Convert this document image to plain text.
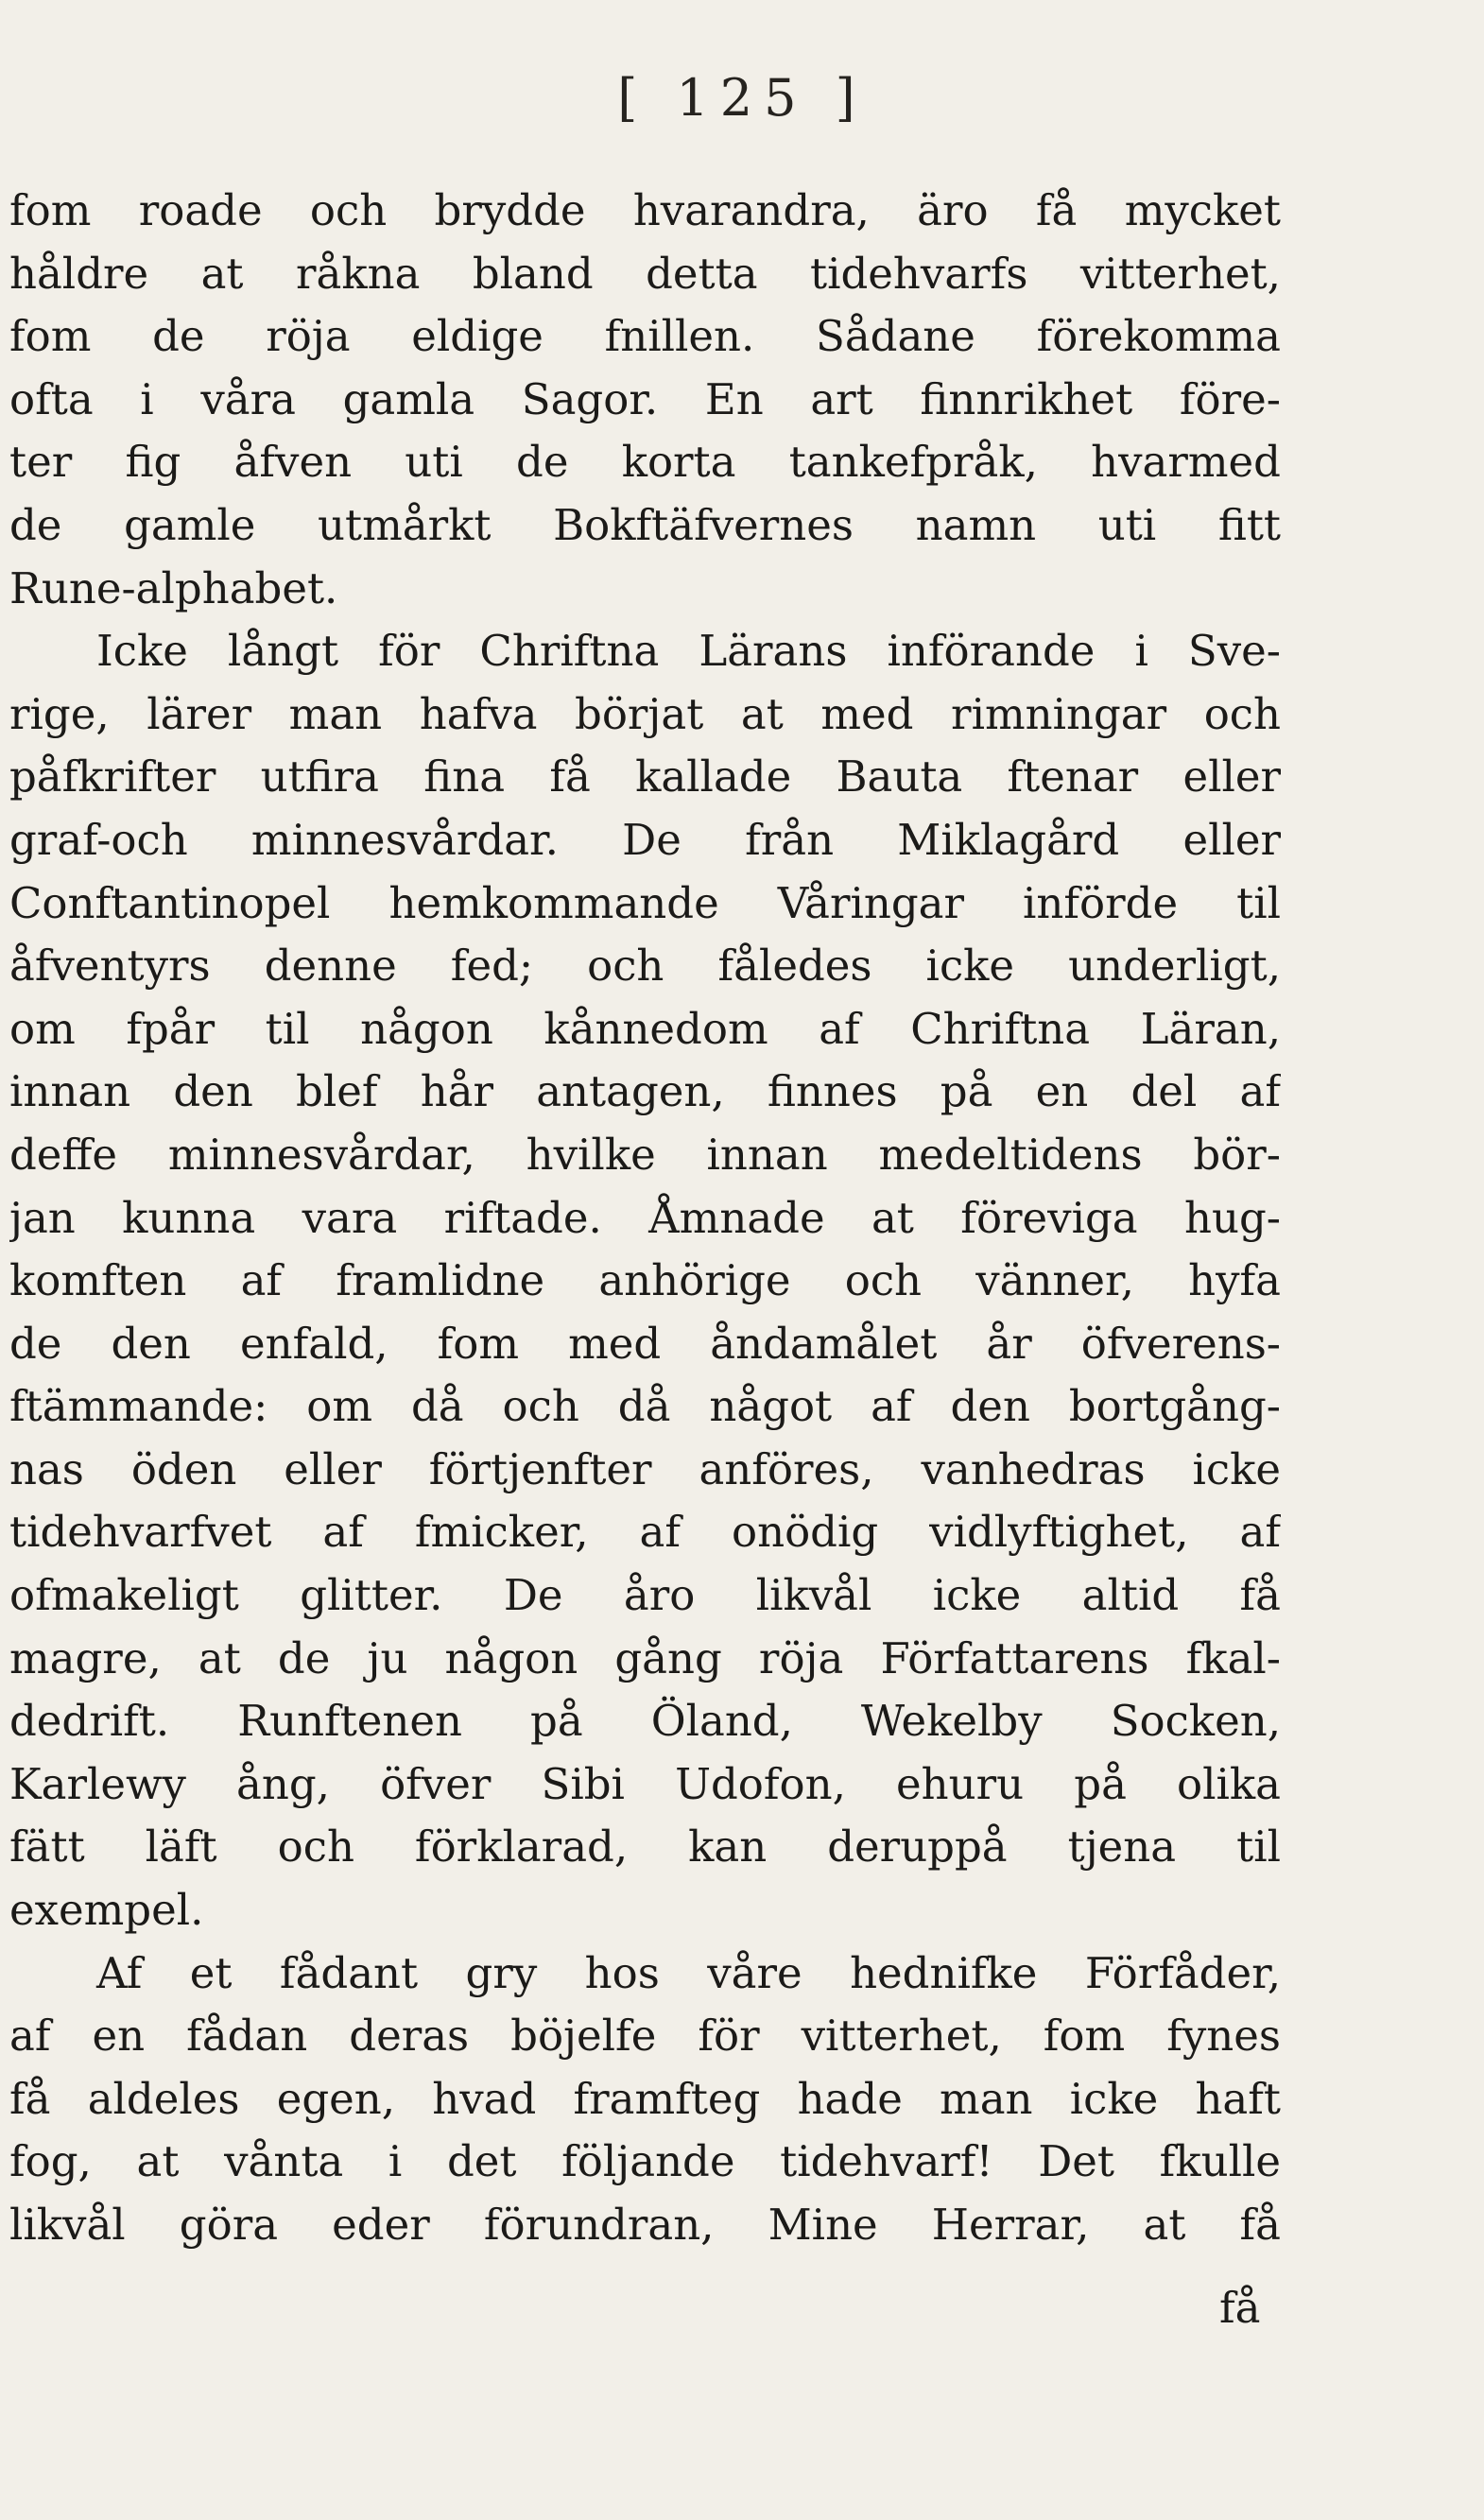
[ 125 ]
fom roade och brydde hvarandra, äro få mycket
håldre at råkna bland detta tidehvarfs vitterhet,
fom de röja eldige fnillen. Sådane förekomma
ofta i våra gamla Sagor. En art finnrikhet före-
ter fig åfven uti de korta tankefpråk, hvarmed
de gamle utmårkt Bokftäfvernes namn uti fitt
Rune-alphabet.
Icke långt för Chriftna Lärans införande i Sve-
rige, lärer man hafva börjat at med rimningar och
påfkrifter utfira fina få kallade Bauta ftenar eller
graf-och minnesvårdar. De från Miklagård eller
Conftantinopel hemkommande Våringar införde til
åfventyrs denne fed; och fåledes icke underligt,
om fpår til någon kånnedom af Chriftna Läran,
innan den blef hår antagen, finnes på en del af
deffe minnesvårdar, hvilke innan medeltidens bör-
jan kunna vara riftade. Åmnade at föreviga hug-
komften af framlidne anhörige och vänner, hyfa
de den enfald, fom med åndamålet år öfverens-
ftämmande: om då och då något af den bortgång-
nas öden eller förtjenfter anföres, vanhedras icke
tidehvarfvet af fmicker, af onödig vidlyftighet, af
ofmakeligt glitter. De åro likvål icke altid få
magre, at de ju någon gång röja Författarens fkal-
dedrift. Runftenen på Öland, Wekelby Socken,
Karlewy ång, öfver Sibi Udofon, ehuru på olika
fätt läft och förklarad, kan deruppå tjena til
exempel.
Af et fådant gry hos våre hednifke Förfåder,
af en fådan deras böjelfe för vitterhet, fom fynes
få aldeles egen, hvad framfteg hade man icke haft
fog, at vånta i det följande tidehvarf! Det fkulle
likvål göra eder förundran, Mine Herrar, at få
få
